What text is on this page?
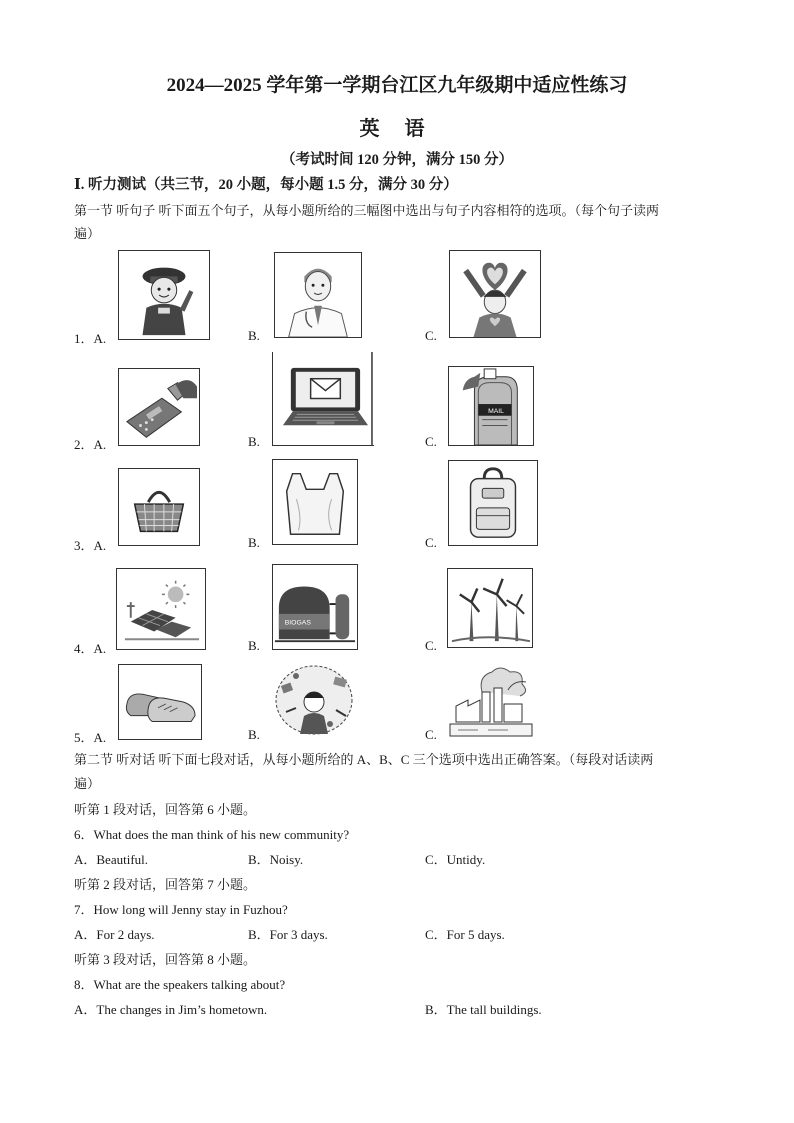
2024—2025 学年第一学期台江区九年级期中适应性练习
英 语
（考试时间 120 分钟，满分 150 分）
Ⅰ. 听力测试（共三节，20 小题，每小题 1.5 分，满分 30 分）
第一节 听句子 听下面五个句子，从每小题所给的三幅图中选出与句子内容相符的选项。（每个句子读两
遍）
1．A.	B.	C.
2．A.	B.	C.
MAIL
3．A.	B.	C.
4．A.	B.	C.
BIOGAS
5．A.	B.	C.
第二节 听对话 听下面七段对话，从每小题所给的 A、B、C 三个选项中选出正确答案。（每段对话读两
遍）
听第 1 段对话，回答第 6 小题。
6．What does the man think of his new community?
A．Beautiful.	B．Noisy.	C．Untidy.
听第 2 段对话，回答第 7 小题。
7．How long will Jenny stay in Fuzhou?
A．For 2 days.	B．For 3 days.	C．For 5 days.
听第 3 段对话，回答第 8 小题。
8．What are the speakers talking about?
A．The changes in Jim’s hometown.	B．The tall buildings.
